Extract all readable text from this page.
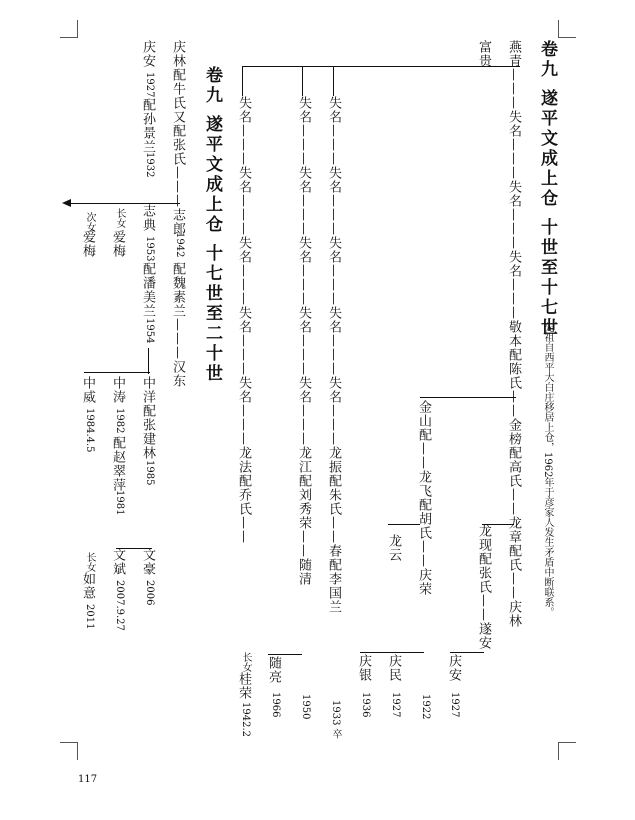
卷九 遂平文成上仓 十世至十七世
先祖自西平大白庄移居上仓，1962年于彦家人发生矛盾中断联系。
燕青———失名———失名———失名———敬本配陈氏——金榜配高氏——龙章配氏——庆林
富贵
龙现配张氏——遂安
庆安
1927
金山配——龙飞配胡氏——庆荣
1922
庆民
1927
庆银
1936
龙云
失名———失名———失名———失名———失名———龙振配朱氏——春配李国兰
1933 卒
失名———失名———失名———失名———失名———龙江配刘秀荣——随清
1950
随亮
1966
失名———失名———失名———失名———失名———龙法配乔氏——
长女
桂荣
1942.2
卷九 遂平文成上仓 十七世至二十世
庆林配牛氏又配张氏———志郎
1942
配魏素兰———汉东
庆安
1927
配孙景兰
1932
志典
1953
配潘美兰
1954
中洋配张建林
1985
文豪
2006
长女
爱梅
次女
爱梅
中涛
1982
配赵翠萍
1981
文斌
2007.9.27
中威
1984.4.5
长女
如意
2011
117
